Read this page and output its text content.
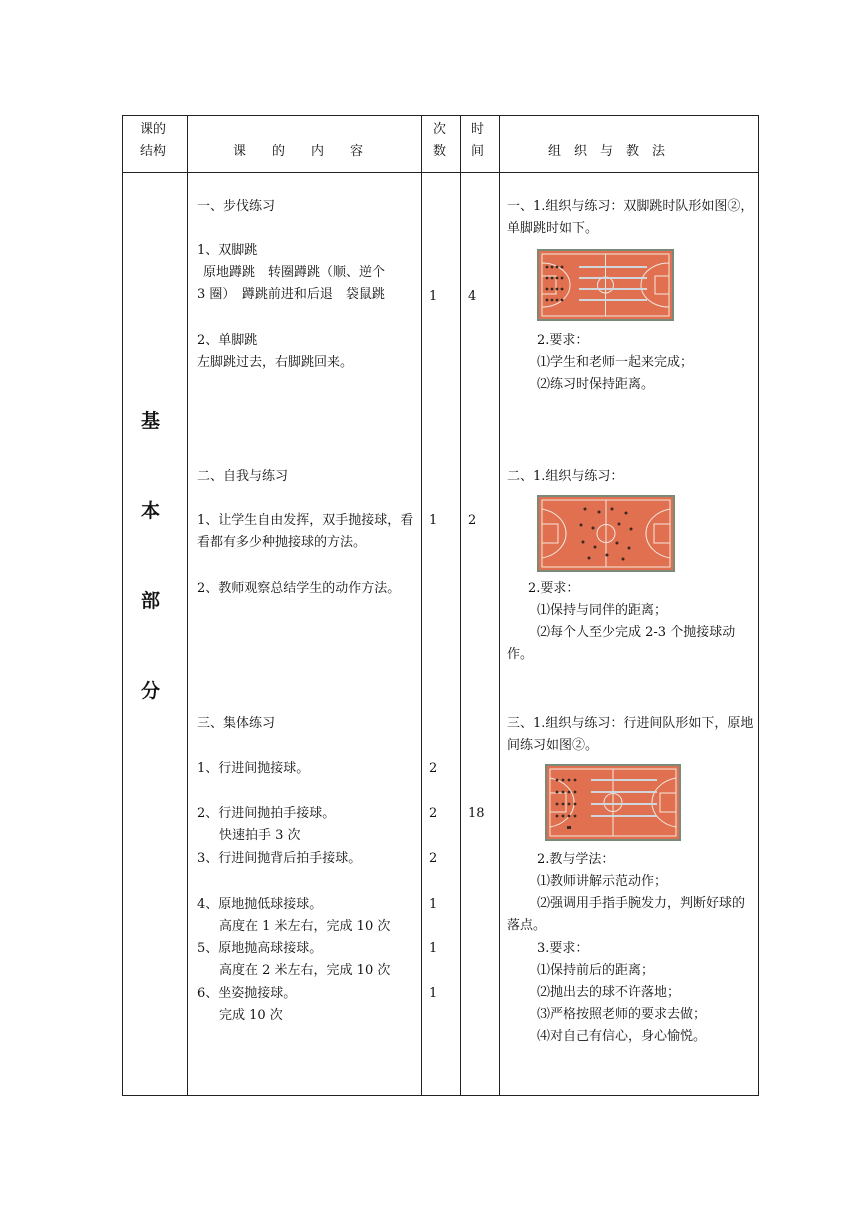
课的
结构	课　　的　　内　　容
次
数
时
间	组　织　与　教　法
基
本
部
分
一、步伐练习
1、双脚跳
原地蹲跳　转圈蹲跳（顺、逆个
3 圈）　蹲跳前进和后退　袋鼠跳
2、单脚跳
左脚跳过去，右脚跳回来。
二、自我与练习
1、让学生自由发挥，双手抛接球，看看都有多少种抛接球的方法。
2、教师观察总结学生的动作方法。
三、集体练习
1、行进间抛接球。
2、行进间抛拍手接球。
快速拍手 3 次
3、行进间抛背后拍手接球。
4、原地抛低球接球。
高度在 1 米左右，完成 10 次
5、原地抛高球接球。
高度在 2 米左右，完成 10 次
6、坐姿抛接球。
完成 10 次
1
1
2
2
2
1
1
1
4
2
18
一、1.组织与练习：双脚跳时队形如图②，单脚跳时如下。
2.要求：
⑴学生和老师一起来完成；
⑵练习时保持距离。
二、1.组织与练习：
2.要求：
⑴保持与同伴的距离；
⑵每个人至少完成 2-3 个抛接球动作。
三、1.组织与练习：行进间队形如下，原地间练习如图②。
2.教与学法：
⑴教师讲解示范动作；
⑵强调用手指手腕发力，判断好球的落点。
3.要求：
⑴保持前后的距离；
⑵抛出去的球不许落地；
⑶严格按照老师的要求去做；
⑷对自己有信心，身心愉悦。
